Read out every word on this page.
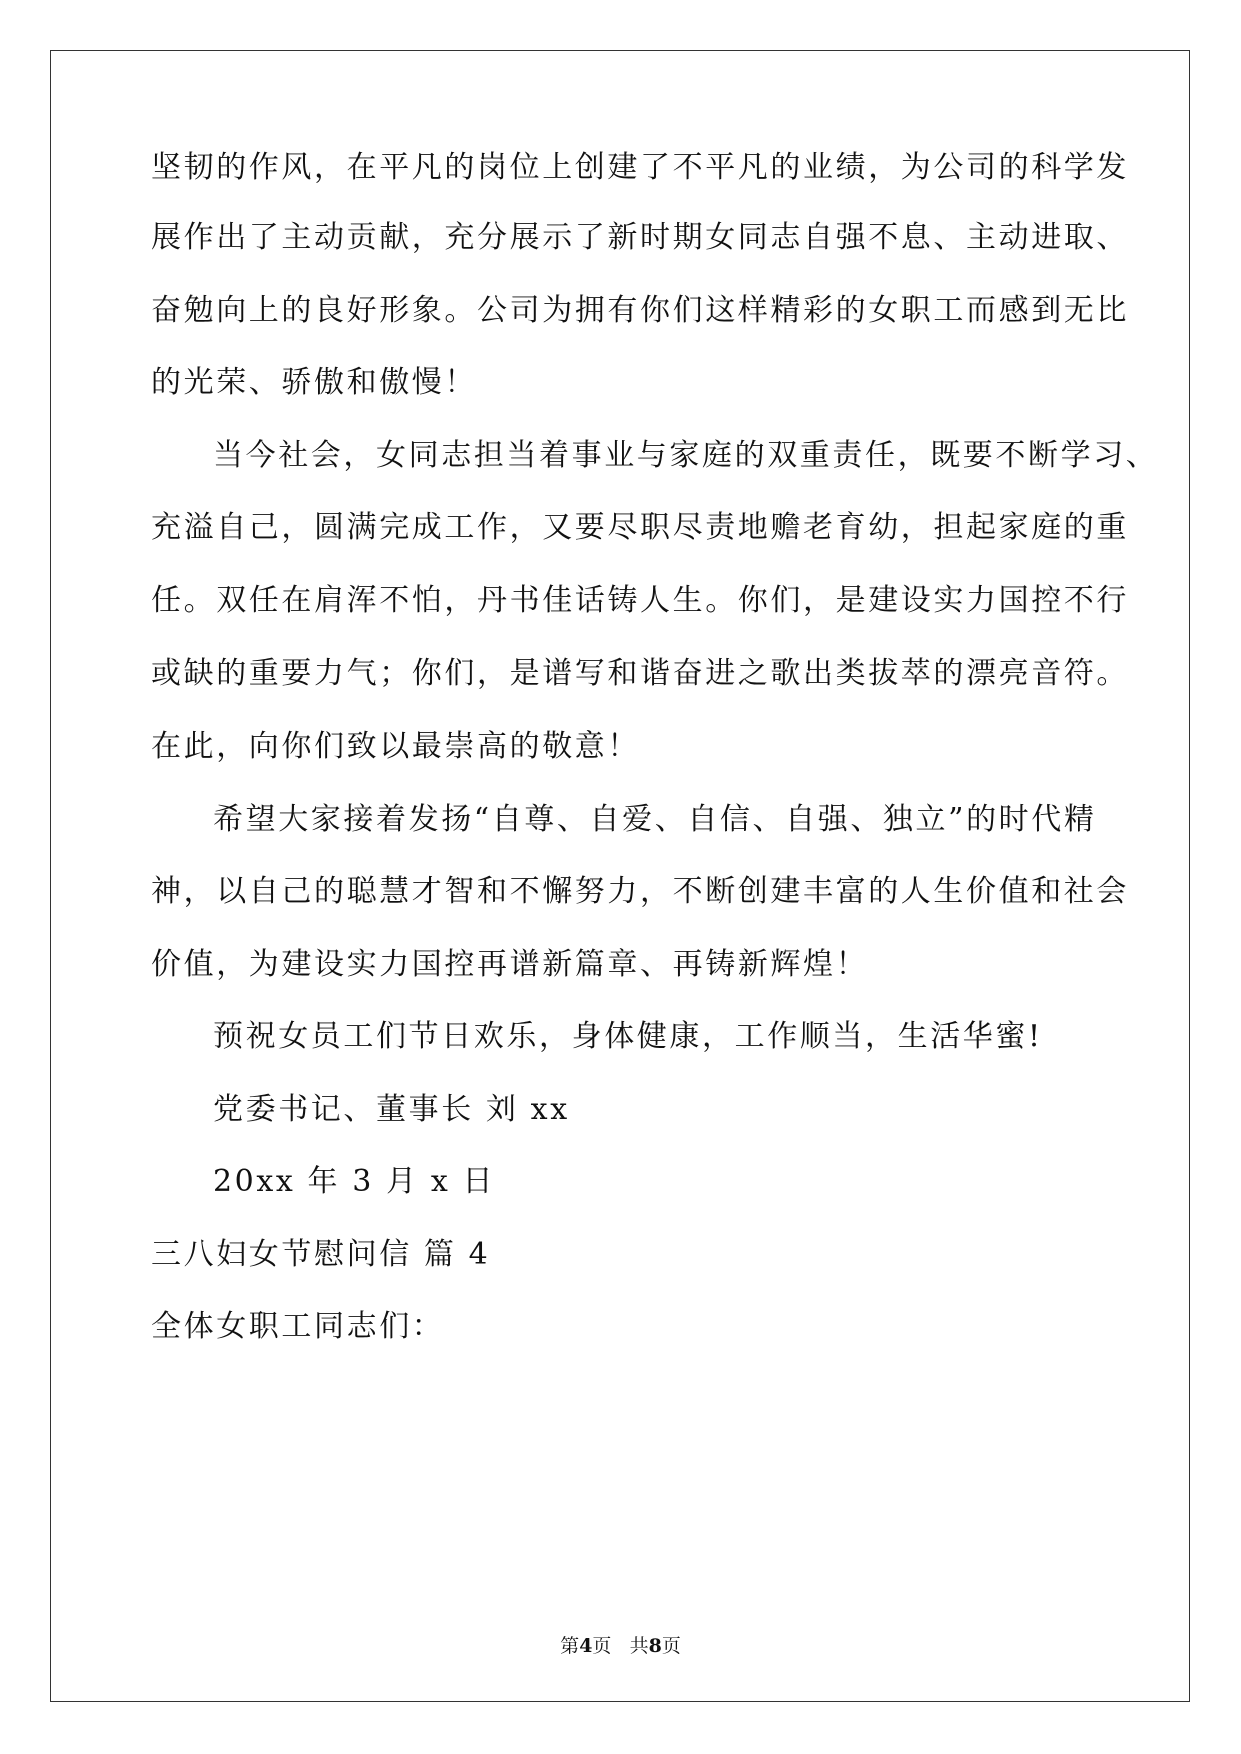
坚韧的作风，在平凡的岗位上创建了不平凡的业绩，为公司的科学发
展作出了主动贡献，充分展示了新时期女同志自强不息、主动进取、
奋勉向上的良好形象。公司为拥有你们这样精彩的女职工而感到无比
的光荣、骄傲和傲慢！
当今社会，女同志担当着事业与家庭的双重责任，既要不断学习、
充溢自己，圆满完成工作，又要尽职尽责地赡老育幼，担起家庭的重
任。双任在肩浑不怕，丹书佳话铸人生。你们，是建设实力国控不行
或缺的重要力气；你们，是谱写和谐奋进之歌出类拔萃的漂亮音符。
在此，向你们致以最崇高的敬意！
希望大家接着发扬“自尊、自爱、自信、自强、独立”的时代精
神，以自己的聪慧才智和不懈努力，不断创建丰富的人生价值和社会
价值，为建设实力国控再谱新篇章、再铸新辉煌！
预祝女员工们节日欢乐，身体健康，工作顺当，生活华蜜!
党委书记、董事长 刘 xx
20xx 年 3 月 x 日
三八妇女节慰问信 篇 4
全体女职工同志们：
第4页 共8页
